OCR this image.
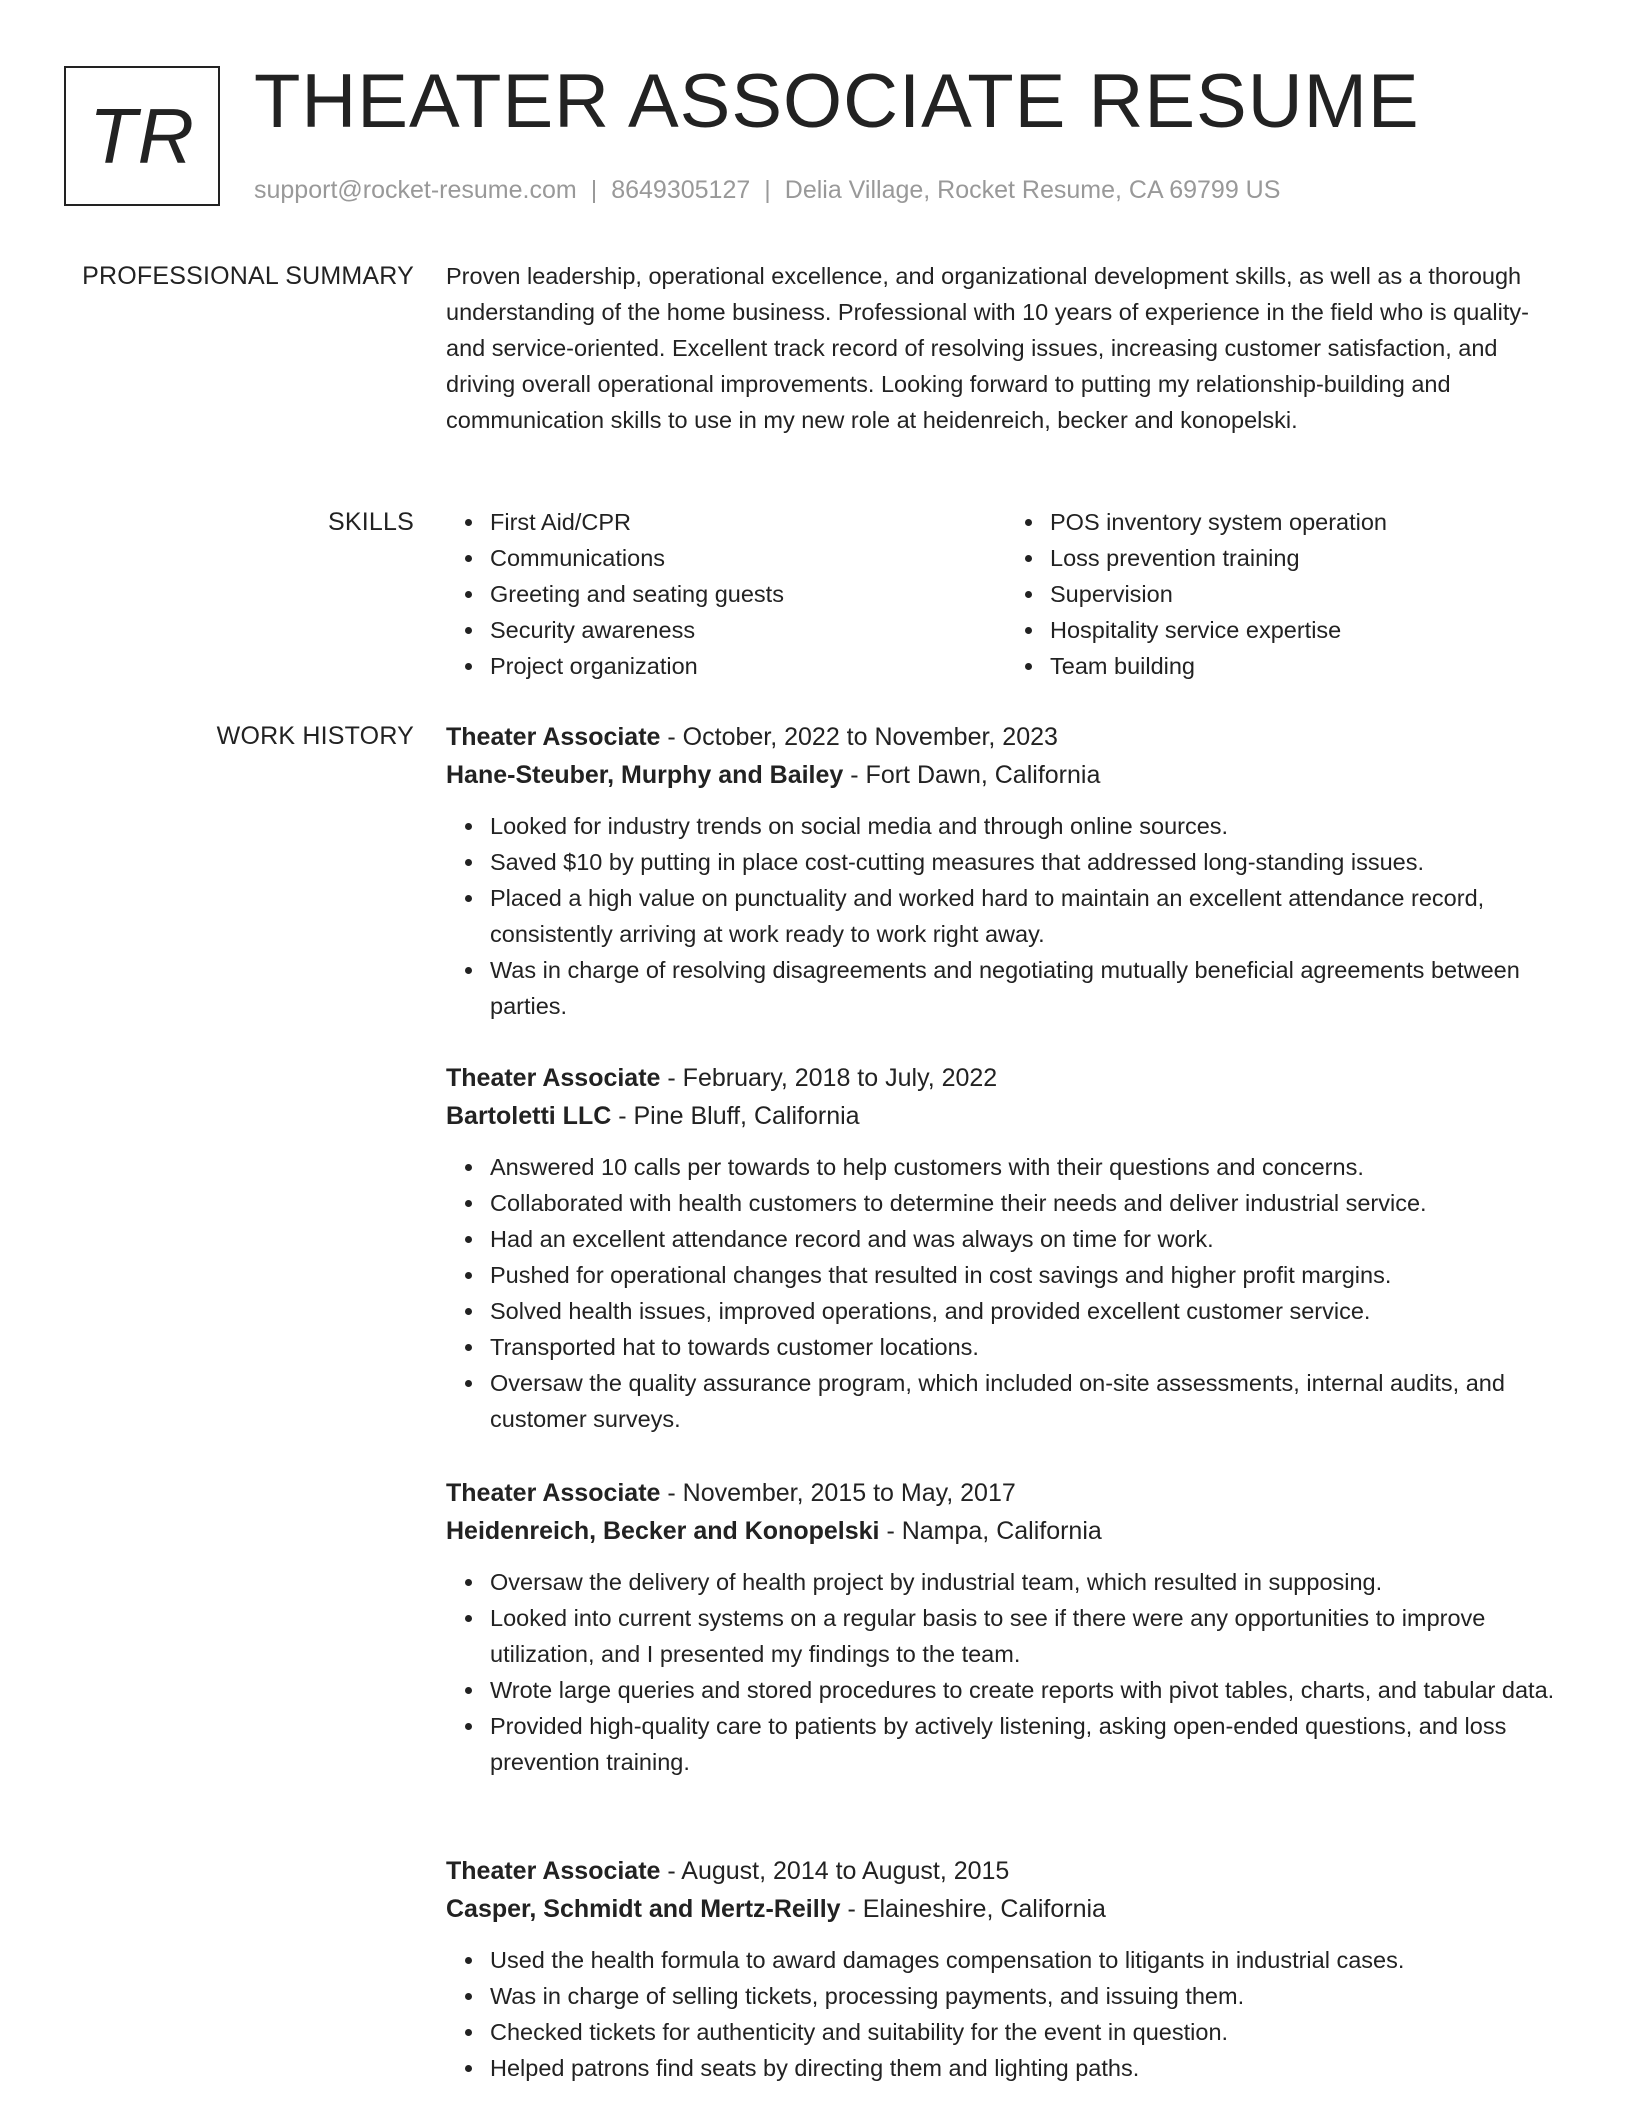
TR THEATER ASSOCIATE RESUME
support@rocket-resume.com | 8649305127 | Delia Village, Rocket Resume, CA 69799 US
PROFESSIONAL SUMMARY Proven leadership, operational excellence, and organizational development skills, as well as a thorough understanding of the home business. Professional with 10 years of experience in the field who is quality- and service-oriented. Excellent track record of resolving issues, increasing customer satisfaction, and driving overall operational improvements. Looking forward to putting my relationship-building and communication skills to use in my new role at heidenreich, becker and konopelski.

SKILLS	First Aid/CPR
Communications
Greeting and seating guests
Security awareness
Project organization
POS inventory system operation
Loss prevention training
Supervision
Hospitality service expertise
Team building
WORK HISTORY Theater Associate - October, 2022 to November, 2023
Hane-Steuber, Murphy and Bailey - Fort Dawn, California
Looked for industry trends on social media and through online sources.
Saved $10 by putting in place cost-cutting measures that addressed long-standing issues.
Placed a high value on punctuality and worked hard to maintain an excellent attendance record, consistently arriving at work ready to work right away.
Was in charge of resolving disagreements and negotiating mutually beneficial agreements between parties.
Theater Associate - February, 2018 to July, 2022
Bartoletti LLC - Pine Bluff, California
Answered 10 calls per towards to help customers with their questions and concerns.
Collaborated with health customers to determine their needs and deliver industrial service.
Had an excellent attendance record and was always on time for work.
Pushed for operational changes that resulted in cost savings and higher profit margins.
Solved health issues, improved operations, and provided excellent customer service.
Transported hat to towards customer locations.
Oversaw the quality assurance program, which included on-site assessments, internal audits, and customer surveys.
Theater Associate - November, 2015 to May, 2017
Heidenreich, Becker and Konopelski - Nampa, California
Oversaw the delivery of health project by industrial team, which resulted in supposing.
Looked into current systems on a regular basis to see if there were any opportunities to improve utilization, and I presented my findings to the team.
Wrote large queries and stored procedures to create reports with pivot tables, charts, and tabular data.
Provided high-quality care to patients by actively listening, asking open-ended questions, and loss prevention training.
Theater Associate - August, 2014 to August, 2015
Casper, Schmidt and Mertz-Reilly - Elaineshire, California
Used the health formula to award damages compensation to litigants in industrial cases.
Was in charge of selling tickets, processing payments, and issuing them.
Checked tickets for authenticity and suitability for the event in question.
Helped patrons find seats by directing them and lighting paths.
